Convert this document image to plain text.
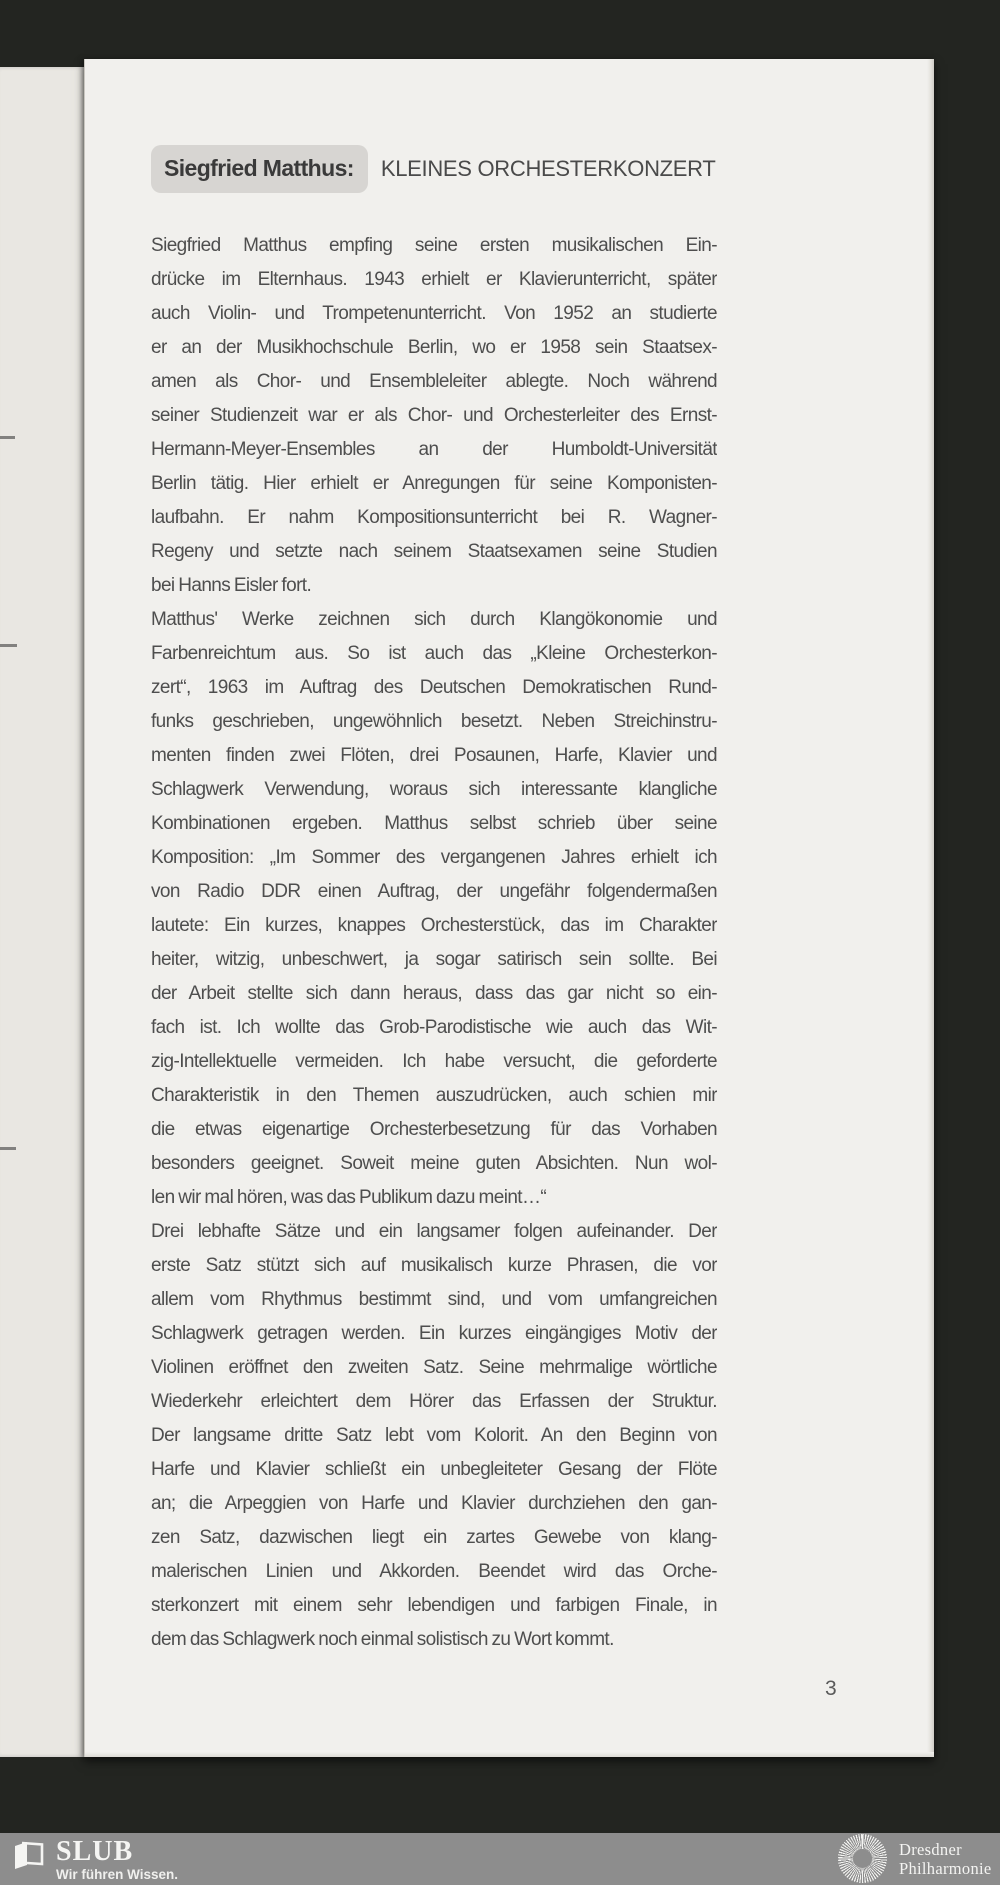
Siegfried Matthus:	KLEINES ORCHESTERKONZERT
Siegfried Matthus empfing seine ersten musikalischen Ein-
drücke im Elternhaus. 1943 erhielt er Klavierunterricht, später
auch Violin- und Trompetenunterricht. Von 1952 an studierte
er an der Musikhochschule Berlin, wo er 1958 sein Staatsex-
amen als Chor- und Ensembleleiter ablegte. Noch während
seiner Studienzeit war er als Chor- und Orchesterleiter des Ernst-
Hermann-Meyer-Ensembles an der Humboldt-Universität
Berlin tätig. Hier erhielt er Anregungen für seine Komponisten-
laufbahn. Er nahm Kompositionsunterricht bei R. Wagner-
Regeny und setzte nach seinem Staatsexamen seine Studien
bei Hanns Eisler fort.
Matthus' Werke zeichnen sich durch Klangökonomie und
Farbenreichtum aus. So ist auch das „Kleine Orchesterkon-
zert“, 1963 im Auftrag des Deutschen Demokratischen Rund-
funks geschrieben, ungewöhnlich besetzt. Neben Streichinstru-
menten finden zwei Flöten, drei Posaunen, Harfe, Klavier und
Schlagwerk Verwendung, woraus sich interessante klangliche
Kombinationen ergeben. Matthus selbst schrieb über seine
Komposition: „Im Sommer des vergangenen Jahres erhielt ich
von Radio DDR einen Auftrag, der ungefähr folgendermaßen
lautete: Ein kurzes, knappes Orchesterstück, das im Charakter
heiter, witzig, unbeschwert, ja sogar satirisch sein sollte. Bei
der Arbeit stellte sich dann heraus, dass das gar nicht so ein-
fach ist. Ich wollte das Grob-Parodistische wie auch das Wit-
zig-Intellektuelle vermeiden. Ich habe versucht, die geforderte
Charakteristik in den Themen auszudrücken, auch schien mir
die etwas eigenartige Orchesterbesetzung für das Vorhaben
besonders geeignet. Soweit meine guten Absichten. Nun wol-
len wir mal hören, was das Publikum dazu meint…“
Drei lebhafte Sätze und ein langsamer folgen aufeinander. Der
erste Satz stützt sich auf musikalisch kurze Phrasen, die vor
allem vom Rhythmus bestimmt sind, und vom umfangreichen
Schlagwerk getragen werden. Ein kurzes eingängiges Motiv der
Violinen eröffnet den zweiten Satz. Seine mehrmalige wörtliche
Wiederkehr erleichtert dem Hörer das Erfassen der Struktur.
Der langsame dritte Satz lebt vom Kolorit. An den Beginn von
Harfe und Klavier schließt ein unbegleiteter Gesang der Flöte
an; die Arpeggien von Harfe und Klavier durchziehen den gan-
zen Satz, dazwischen liegt ein zartes Gewebe von klang-
malerischen Linien und Akkorden. Beendet wird das Orche-
sterkonzert mit einem sehr lebendigen und farbigen Finale, in
dem das Schlagwerk noch einmal solistisch zu Wort kommt.
3
SLUB
Wir führen Wissen.
Dresdner
Philharmonie
